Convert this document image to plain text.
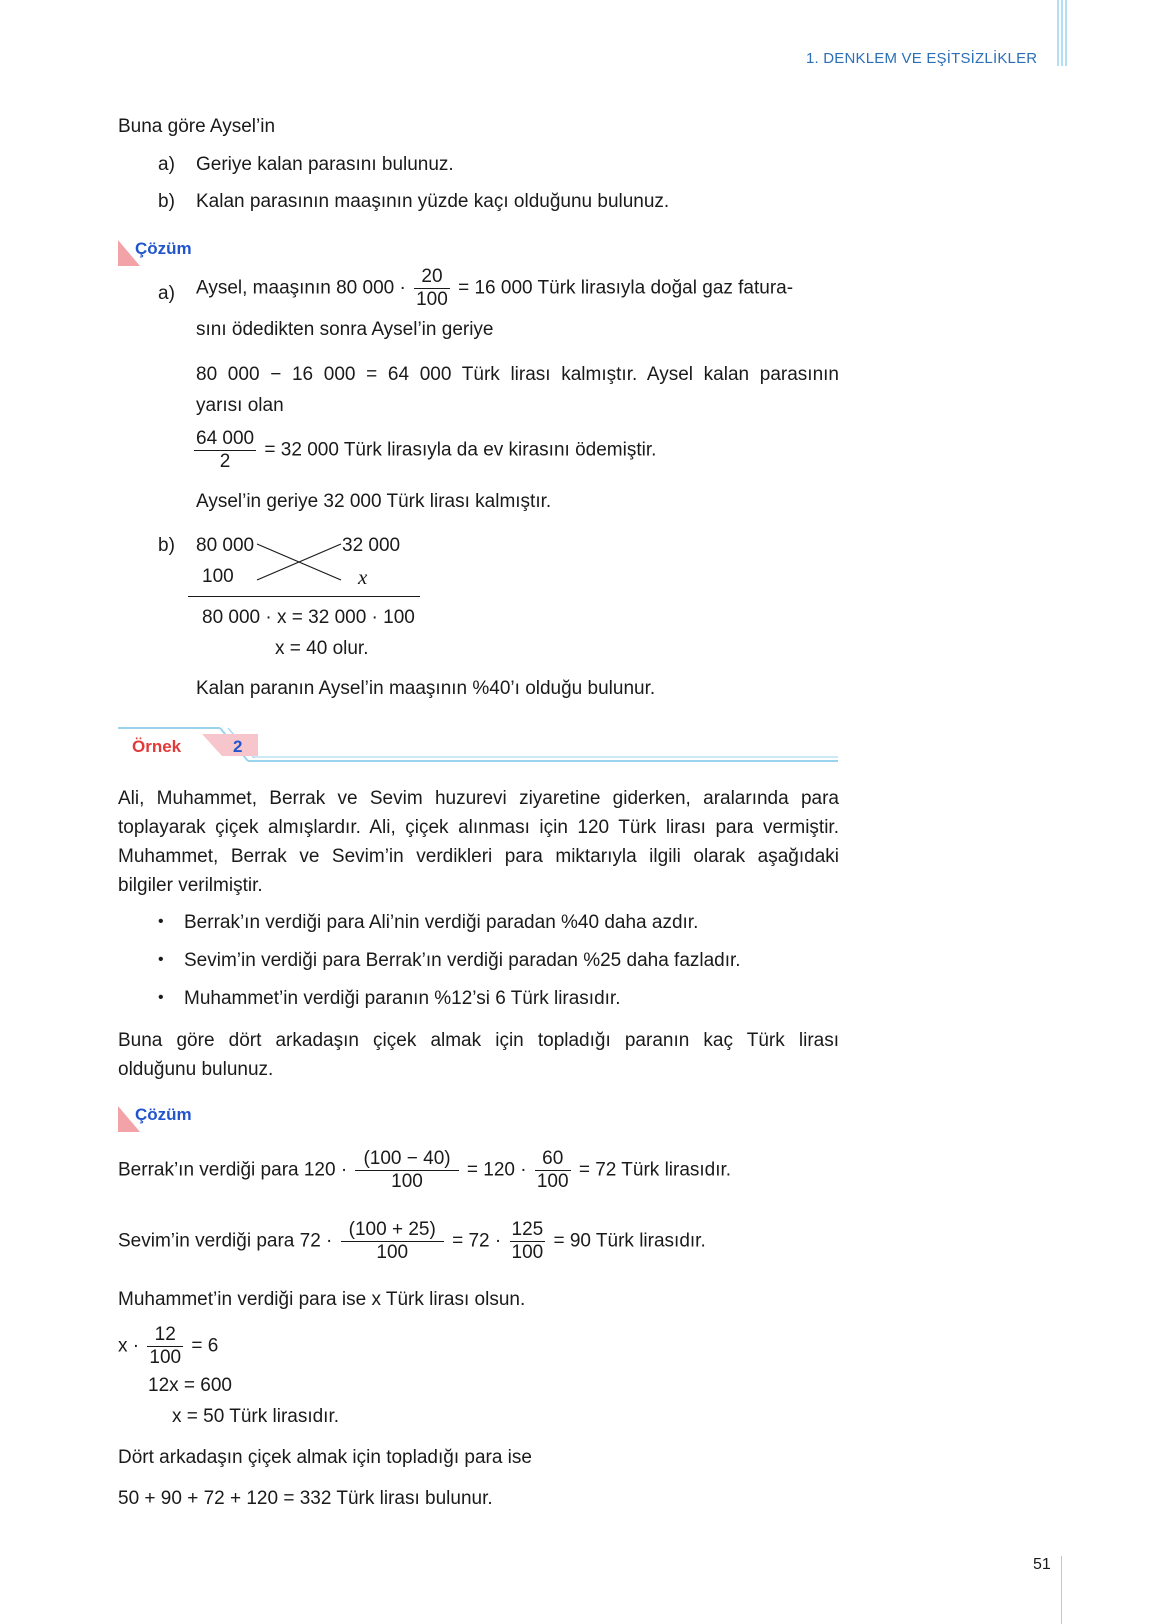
1. DENKLEM VE EŞİTSİZLİKLER
Buna göre Aysel’in
a) Geriye kalan parasını bulunuz.
b) Kalan parasının maaşının yüzde kaçı olduğunu bulunuz.
Çözüm
a) Aysel, maaşının 80 $000 \cdot \frac{20}{100} = 16$ 000 Türk lirasıyla doğal gaz fatura-
sını ödedikten sonra Aysel’in geriye
80 000 − 16 000 = 64 000 Türk lirası kalmıştır. Aysel kalan parasının
yarısı olan
$\frac{64 000}{2} = 32$ 000 Türk lirasıyla da ev kirasını ödemiştir.
Aysel’in geriye 32 000 Türk lirası kalmıştır.
b) 80 000	32 000
100	x
80 000 · x = 32 000 · 100
x = 40 olur.
Kalan paranın Aysel’in maaşının %40’ı olduğu bulunur.
Örnek	2
Ali, Muhammet, Berrak ve Sevim huzurevi ziyaretine giderken, aralarında para
toplayarak çiçek almışlardır. Ali, çiçek alınması için 120 Türk lirası para vermiştir.
Muhammet, Berrak ve Sevim’in verdikleri para miktarıyla ilgili olarak aşağıdaki
bilgiler verilmiştir.
• Berrak’ın verdiği para Ali’nin verdiği paradan %40 daha azdır.
• Sevim’in verdiği para Berrak’ın verdiği paradan %25 daha fazladır.
• Muhammet’in verdiği paranın %12’si 6 Türk lirasıdır.
Buna göre dört arkadaşın çiçek almak için topladığı paranın kaç Türk lirası
olduğunu bulunuz.
Çözüm
Berrak’ın verdiği para $120 \cdot \frac{(100 - 40)}{100} = 120 \cdot \frac{60}{100} = 72$ Türk lirasıdır.
Sevim’in verdiği para $72 \cdot \frac{(100 + 25)}{100} = 72 \cdot \frac{125}{100} = 90$ Türk lirasıdır.
Muhammet’in verdiği para ise x Türk lirası olsun.
$x \cdot \frac{12}{100} = 6$
12x = 600
x = 50 Türk lirasıdır.
Dört arkadaşın çiçek almak için topladığı para ise
50 + 90 + 72 + 120 = 332 Türk lirası bulunur.
51
